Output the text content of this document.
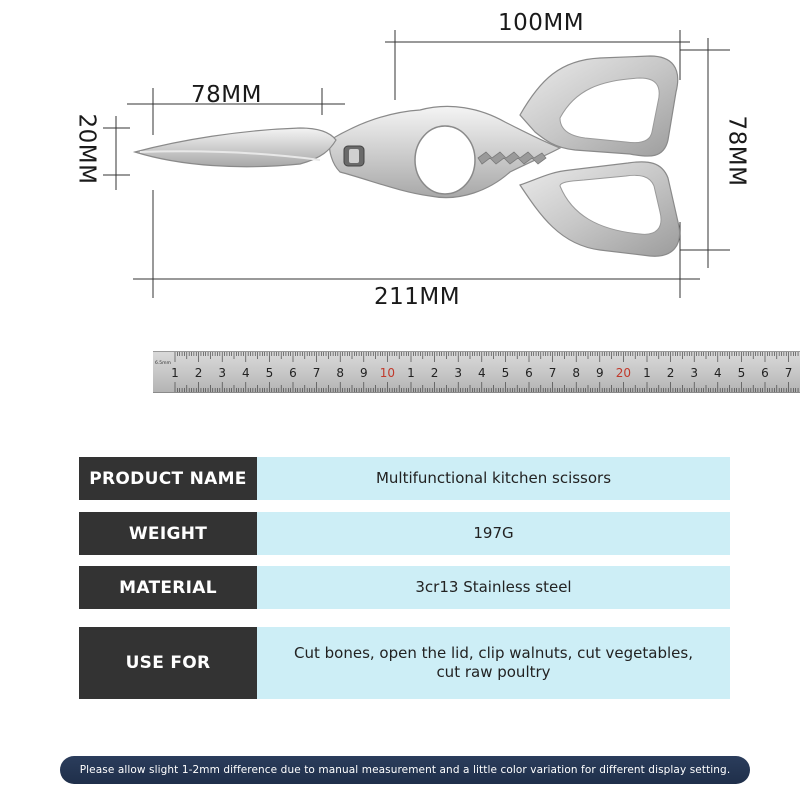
100MM
78MM
20MM	78MM
211MM
1 2 3 4 5 6 7 8 9 10 1 2 3 4 5 6 7 8 9 20 1 2 3 4 5 6 7
6.5mm
PRODUCT NAME	Multifunctional kitchen scissors
WEIGHT	197G
MATERIAL	3cr13 Stainless steel
USE FOR	Cut bones, open the lid, clip walnuts, cut vegetables, cut raw poultry
Please allow slight 1-2mm difference due to manual measurement and a little color variation for different display setting.
